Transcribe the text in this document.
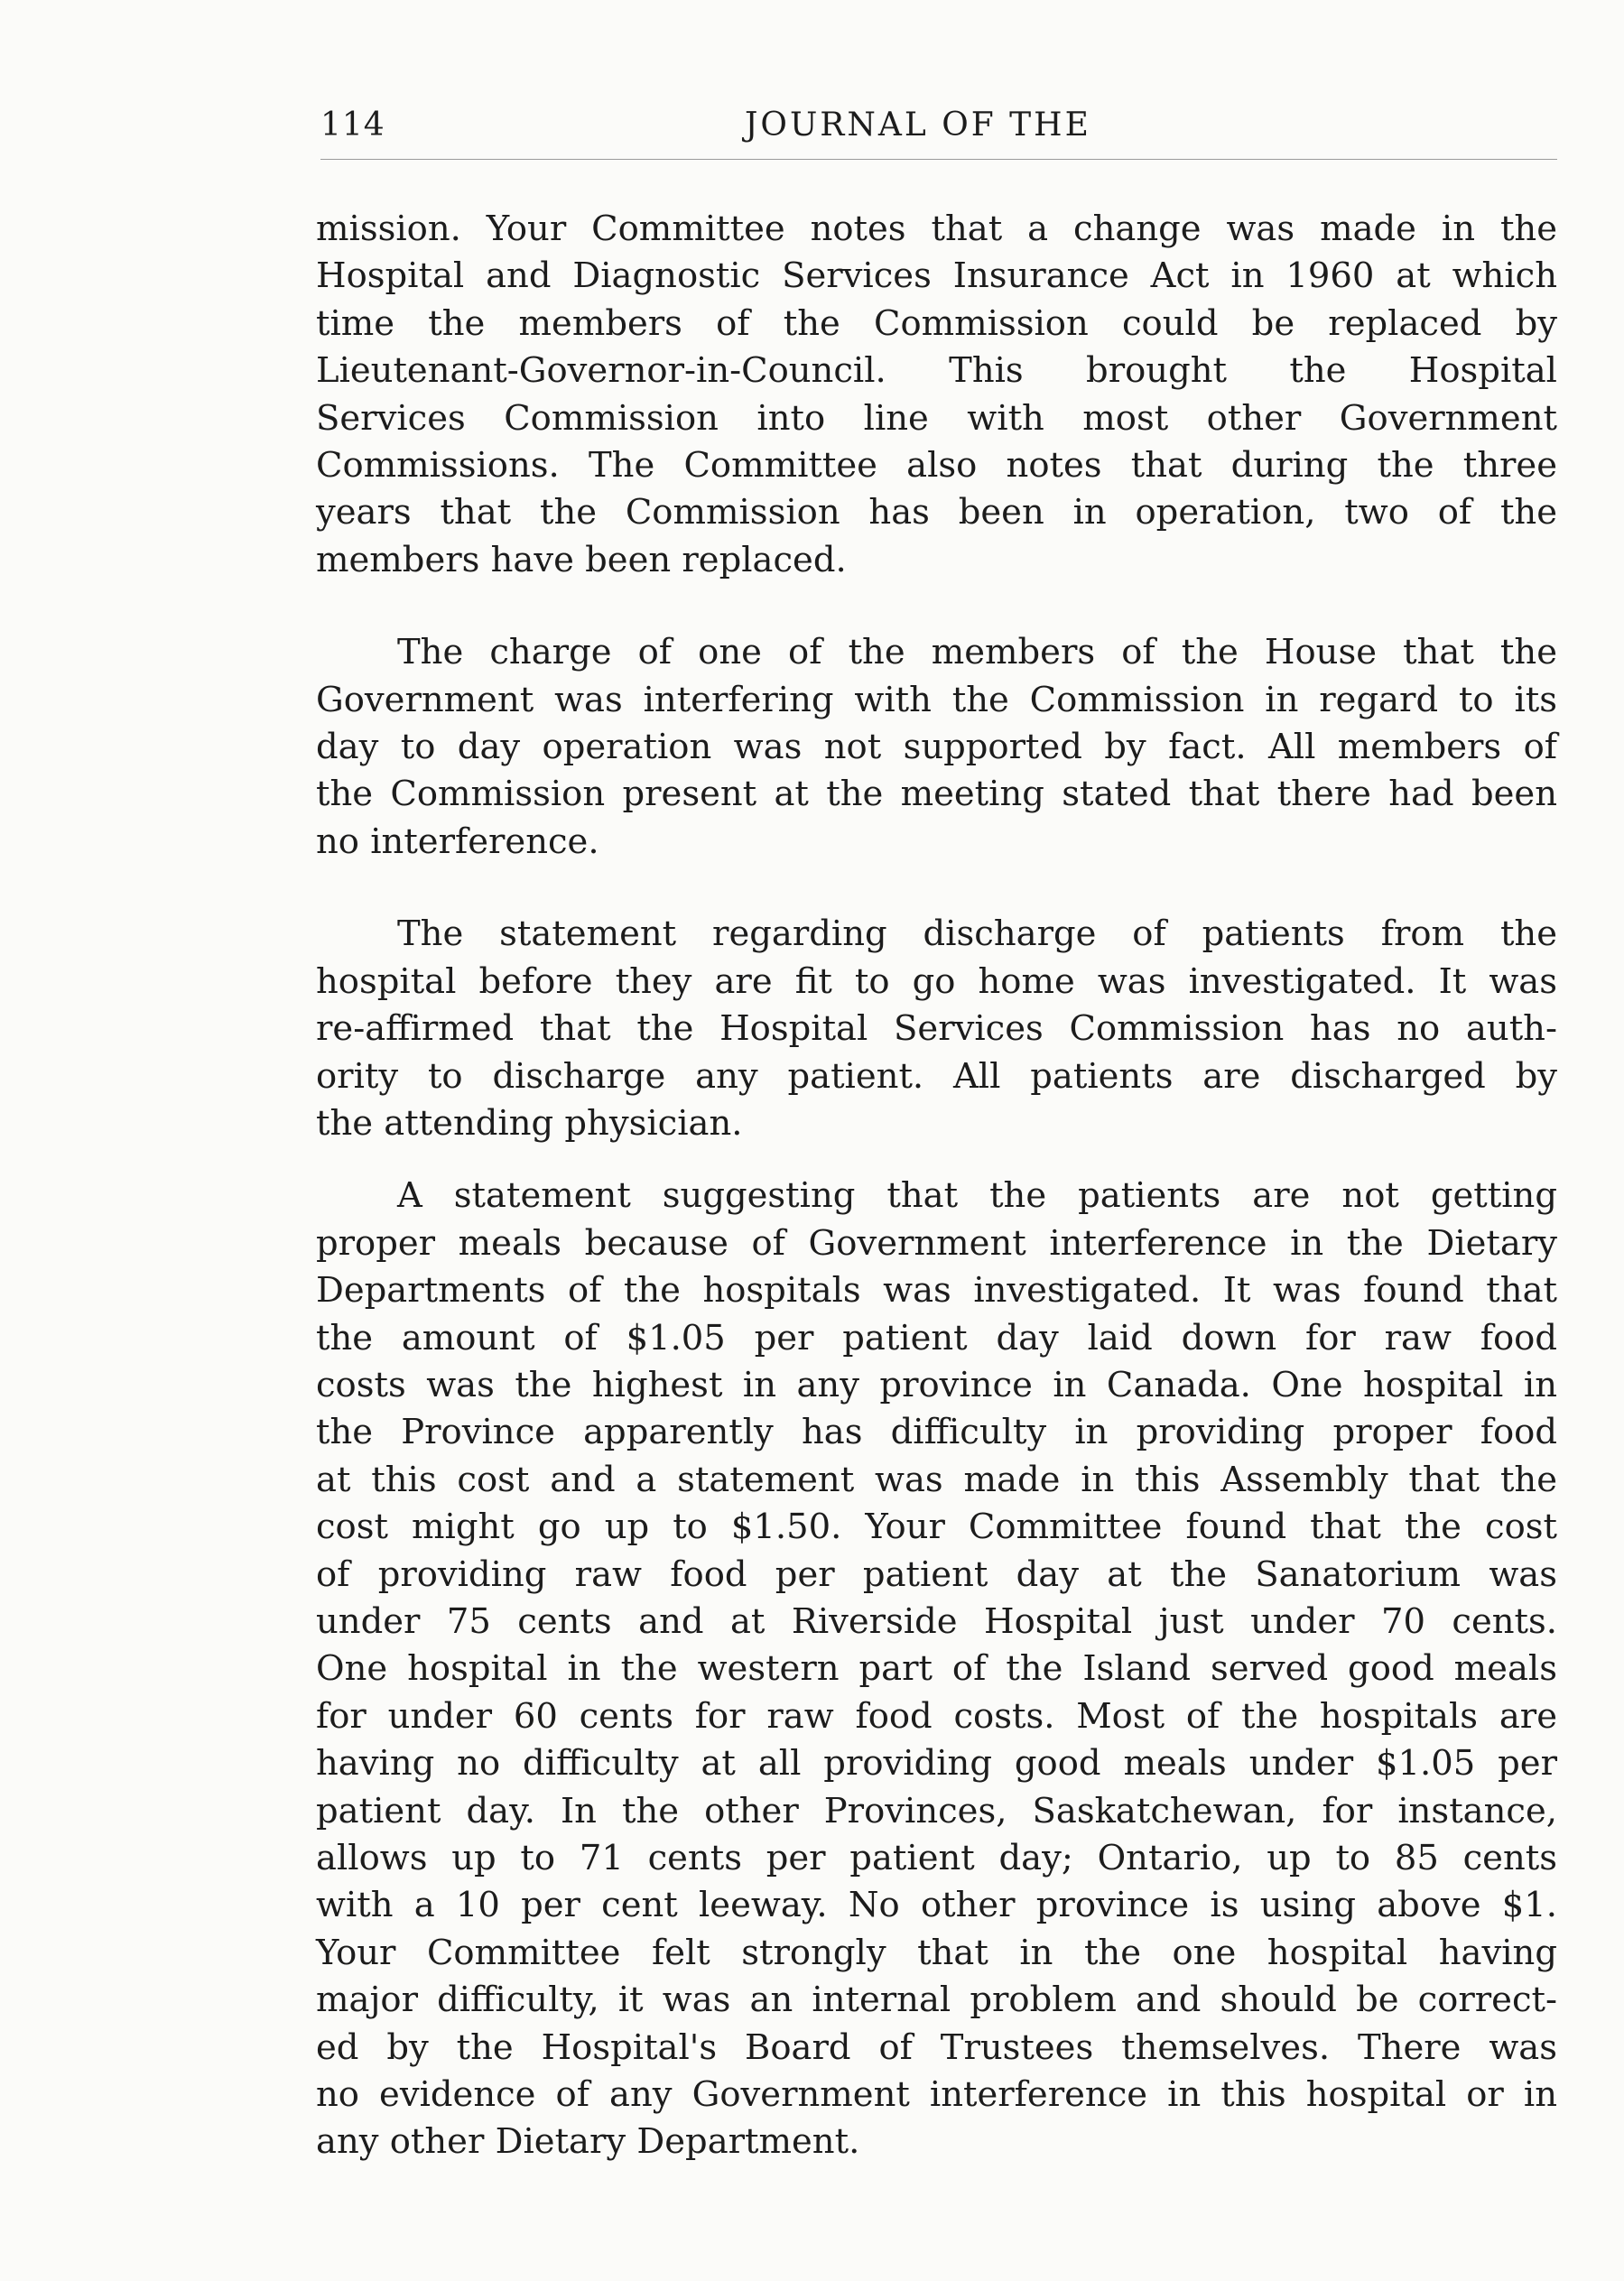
114	JOURNAL OF THE

mission. Your Committee notes that a change was made in the
Hospital and Diagnostic Services Insurance Act in 1960 at which
time the members of the Commission could be replaced by
Lieutenant-Governor-in-Council. This brought the Hospital
Services Commission into line with most other Government
Commissions. The Committee also notes that during the three
years that the Commission has been in operation, two of the
members have been replaced.

The charge of one of the members of the House that the
Government was interfering with the Commission in regard to its
day to day operation was not supported by fact. All members of
the Commission present at the meeting stated that there had been
no interference.

The statement regarding discharge of patients from the
hospital before they are fit to go home was investigated. It was
re-affirmed that the Hospital Services Commission has no auth-
ority to discharge any patient. All patients are discharged by
the attending physician.

A statement suggesting that the patients are not getting
proper meals because of Government interference in the Dietary
Departments of the hospitals was investigated. It was found that
the amount of $1.05 per patient day laid down for raw food
costs was the highest in any province in Canada. One hospital in
the Province apparently has difficulty in providing proper food
at this cost and a statement was made in this Assembly that the
cost might go up to $1.50. Your Committee found that the cost
of providing raw food per patient day at the Sanatorium was
under 75 cents and at Riverside Hospital just under 70 cents.
One hospital in the western part of the Island served good meals
for under 60 cents for raw food costs. Most of the hospitals are
having no difficulty at all providing good meals under $1.05 per
patient day. In the other Provinces, Saskatchewan, for instance,
allows up to 71 cents per patient day; Ontario, up to 85 cents
with a 10 per cent leeway. No other province is using above $1.
Your Committee felt strongly that in the one hospital having
major difficulty, it was an internal problem and should be correct-
ed by the Hospital's Board of Trustees themselves. There was
no evidence of any Government interference in this hospital or in
any other Dietary Department.
